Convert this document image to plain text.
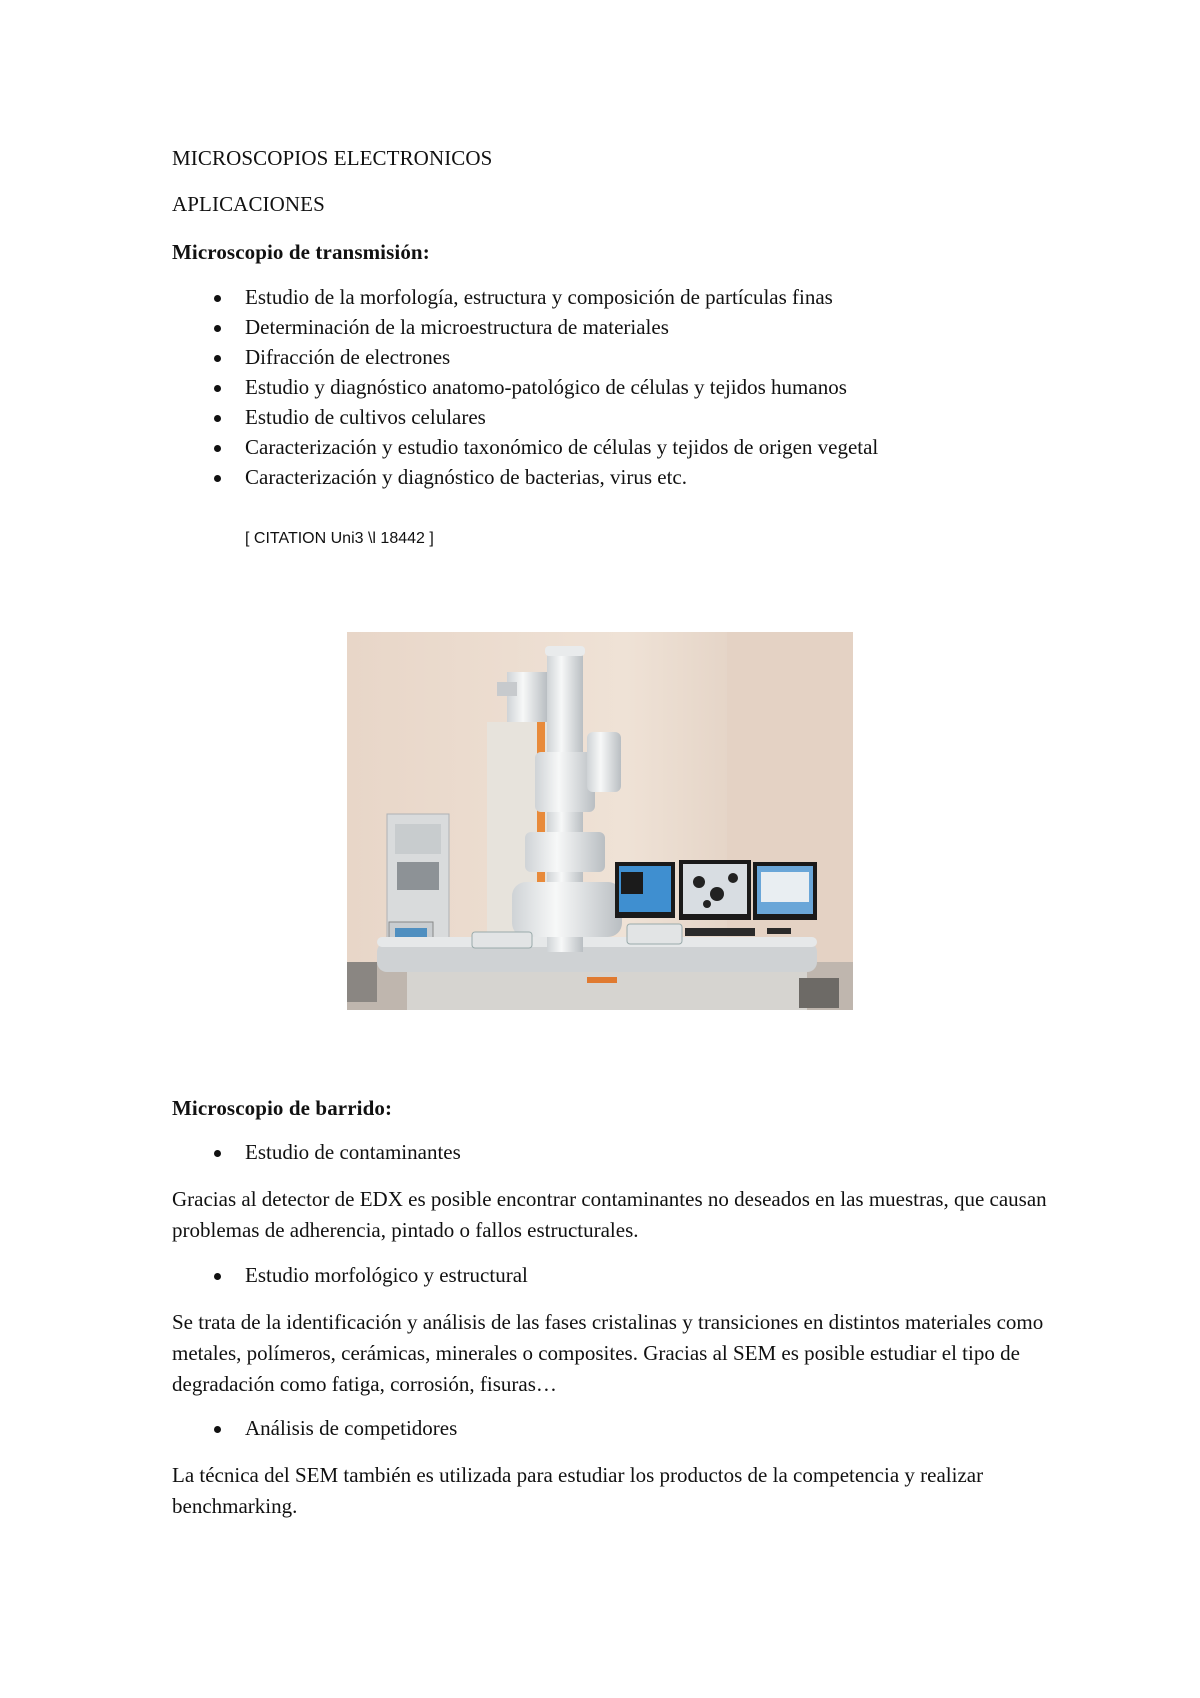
MICROSCOPIOS ELECTRONICOS
APLICACIONES
Microscopio de transmisión:
Estudio de la morfología, estructura y composición de partículas finas
Determinación de la microestructura de materiales
Difracción de electrones
Estudio y diagnóstico anatomo-patológico de células y tejidos humanos
Estudio de cultivos celulares
Caracterización y estudio taxonómico de células y tejidos de origen vegetal
Caracterización y diagnóstico de bacterias, virus etc.
[ CITATION Uni3 \l 18442 ]
Microscopio de barrido:
Estudio de contaminantes

Gracias al detector de EDX es posible encontrar contaminantes no deseados en las muestras, que causan problemas de adherencia, pintado o fallos estructurales.

Estudio morfológico y estructural

Se trata de la identificación y análisis de las fases cristalinas y transiciones en distintos materiales como metales, polímeros, cerámicas, minerales o composites. Gracias al SEM es posible estudiar el tipo de degradación como fatiga, corrosión, fisuras…

Análisis de competidores

La técnica del SEM también es utilizada para estudiar los productos de la competencia y realizar benchmarking.
